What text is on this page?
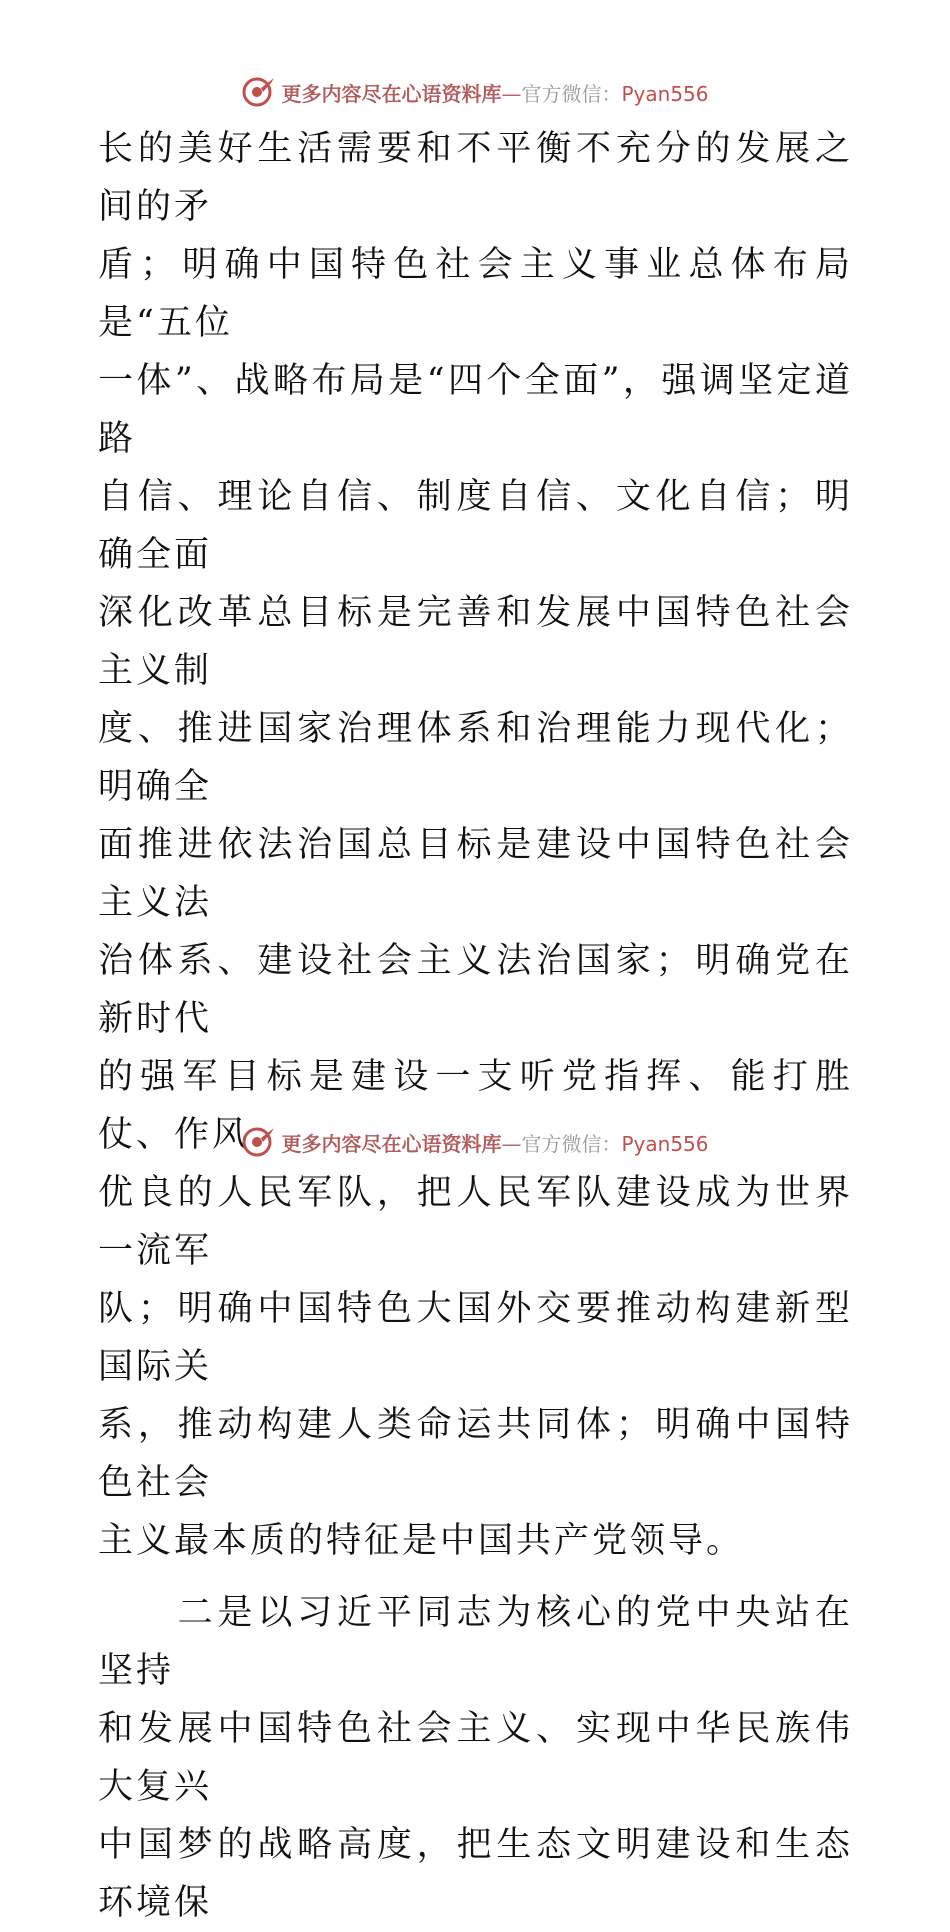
更多内容尽在心语资料库—官方微信：Pyan556

长的美好生活需要和不平衡不充分的发展之间的矛
盾；明确中国特色社会主义事业总体布局是“五位
一体”、战略布局是“四个全面”，强调坚定道路
自信、理论自信、制度自信、文化自信；明确全面
深化改革总目标是完善和发展中国特色社会主义制
度、推进国家治理体系和治理能力现代化；明确全
面推进依法治国总目标是建设中国特色社会主义法
治体系、建设社会主义法治国家；明确党在新时代
的强军目标是建设一支听党指挥、能打胜仗、作风
优良的人民军队，把人民军队建设成为世界一流军
队；明确中国特色大国外交要推动构建新型国际关
系，推动构建人类命运共同体；明确中国特色社会
主义最本质的特征是中国共产党领导。

　　二是以习近平同志为核心的党中央站在坚持
和发展中国特色社会主义、实现中华民族伟大复兴
中国梦的战略高度，把生态文明建设和生态环境保

更多内容尽在心语资料库—官方微信：Pyan556
